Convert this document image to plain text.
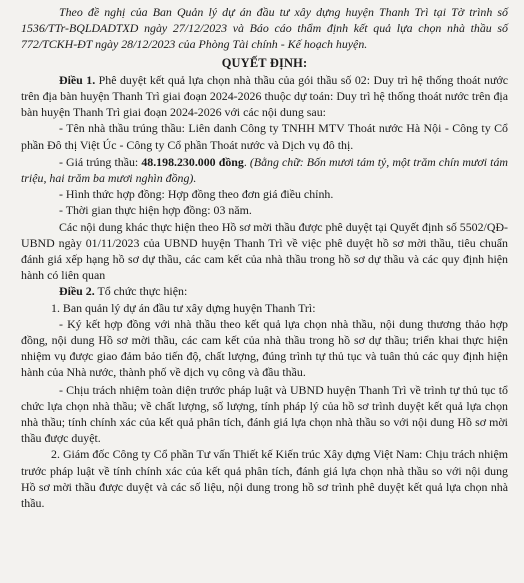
Theo đề nghị của Ban Quản lý dự án đầu tư xây dựng huyện Thanh Trì tại Tờ trình số 1536/TTr-BQLDADTXD ngày 27/12/2023 và Báo cáo thẩm định kết quả lựa chọn nhà thầu số 772/TCKH-ĐT ngày 28/12/2023 của Phòng Tài chính - Kế hoạch huyện.

QUYẾT ĐỊNH:

Điều 1. Phê duyệt kết quả lựa chọn nhà thầu của gói thầu số 02: Duy trì hệ thống thoát nước trên địa bàn huyện Thanh Trì giai đoạn 2024-2026 thuộc dự toán: Duy trì hệ thống thoát nước trên địa bàn huyện Thanh Trì giai đoạn 2024-2026 với các nội dung sau:

- Tên nhà thầu trúng thầu: Liên danh Công ty TNHH MTV Thoát nước Hà Nội - Công ty Cổ phần Đô thị Việt Úc - Công ty Cổ phần Thoát nước và Dịch vụ đô thị.

- Giá trúng thầu: 48.198.230.000 đồng. (Bằng chữ: Bốn mươi tám tỷ, một trăm chín mươi tám triệu, hai trăm ba mươi nghìn đồng).

- Hình thức hợp đồng: Hợp đồng theo đơn giá điều chỉnh.

- Thời gian thực hiện hợp đồng: 03 năm.

Các nội dung khác thực hiện theo Hồ sơ mời thầu được phê duyệt tại Quyết định số 5502/QĐ-UBND ngày 01/11/2023 của UBND huyện Thanh Trì về việc phê duyệt hồ sơ mời thầu, tiêu chuẩn đánh giá xếp hạng hồ sơ dự thầu, các cam kết của nhà thầu trong hồ sơ dự thầu và các quy định hiện hành có liên quan

Điều 2. Tổ chức thực hiện:

1. Ban quản lý dự án đầu tư xây dựng huyện Thanh Trì:

- Ký kết hợp đồng với nhà thầu theo kết quả lựa chọn nhà thầu, nội dung thương thảo hợp đồng, nội dung Hồ sơ mời thầu, các cam kết của nhà thầu trong hồ sơ dự thầu; triển khai thực hiện nhiệm vụ được giao đảm bảo tiến độ, chất lượng, đúng trình tự thủ tục và tuân thủ các quy định hiện hành của Nhà nước, thành phố về dịch vụ công và đầu thầu.

- Chịu trách nhiệm toàn diện trước pháp luật và UBND huyện Thanh Trì về trình tự thủ tục tổ chức lựa chọn nhà thầu; về chất lượng, số lượng, tính pháp lý của hồ sơ trình duyệt kết quả lựa chọn nhà thầu; tính chính xác của kết quả phân tích, đánh giá lựa chọn nhà thầu so với nội dung Hồ sơ mời thầu được duyệt.

2. Giám đốc Công ty Cổ phần Tư vấn Thiết kế Kiến trúc Xây dựng Việt Nam: Chịu trách nhiệm trước pháp luật về tính chính xác của kết quả phân tích, đánh giá lựa chọn nhà thầu so với nội dung Hồ sơ mời thầu được duyệt và các số liệu, nội dung trong hồ sơ trình phê duyệt kết quả lựa chọn nhà thầu.
